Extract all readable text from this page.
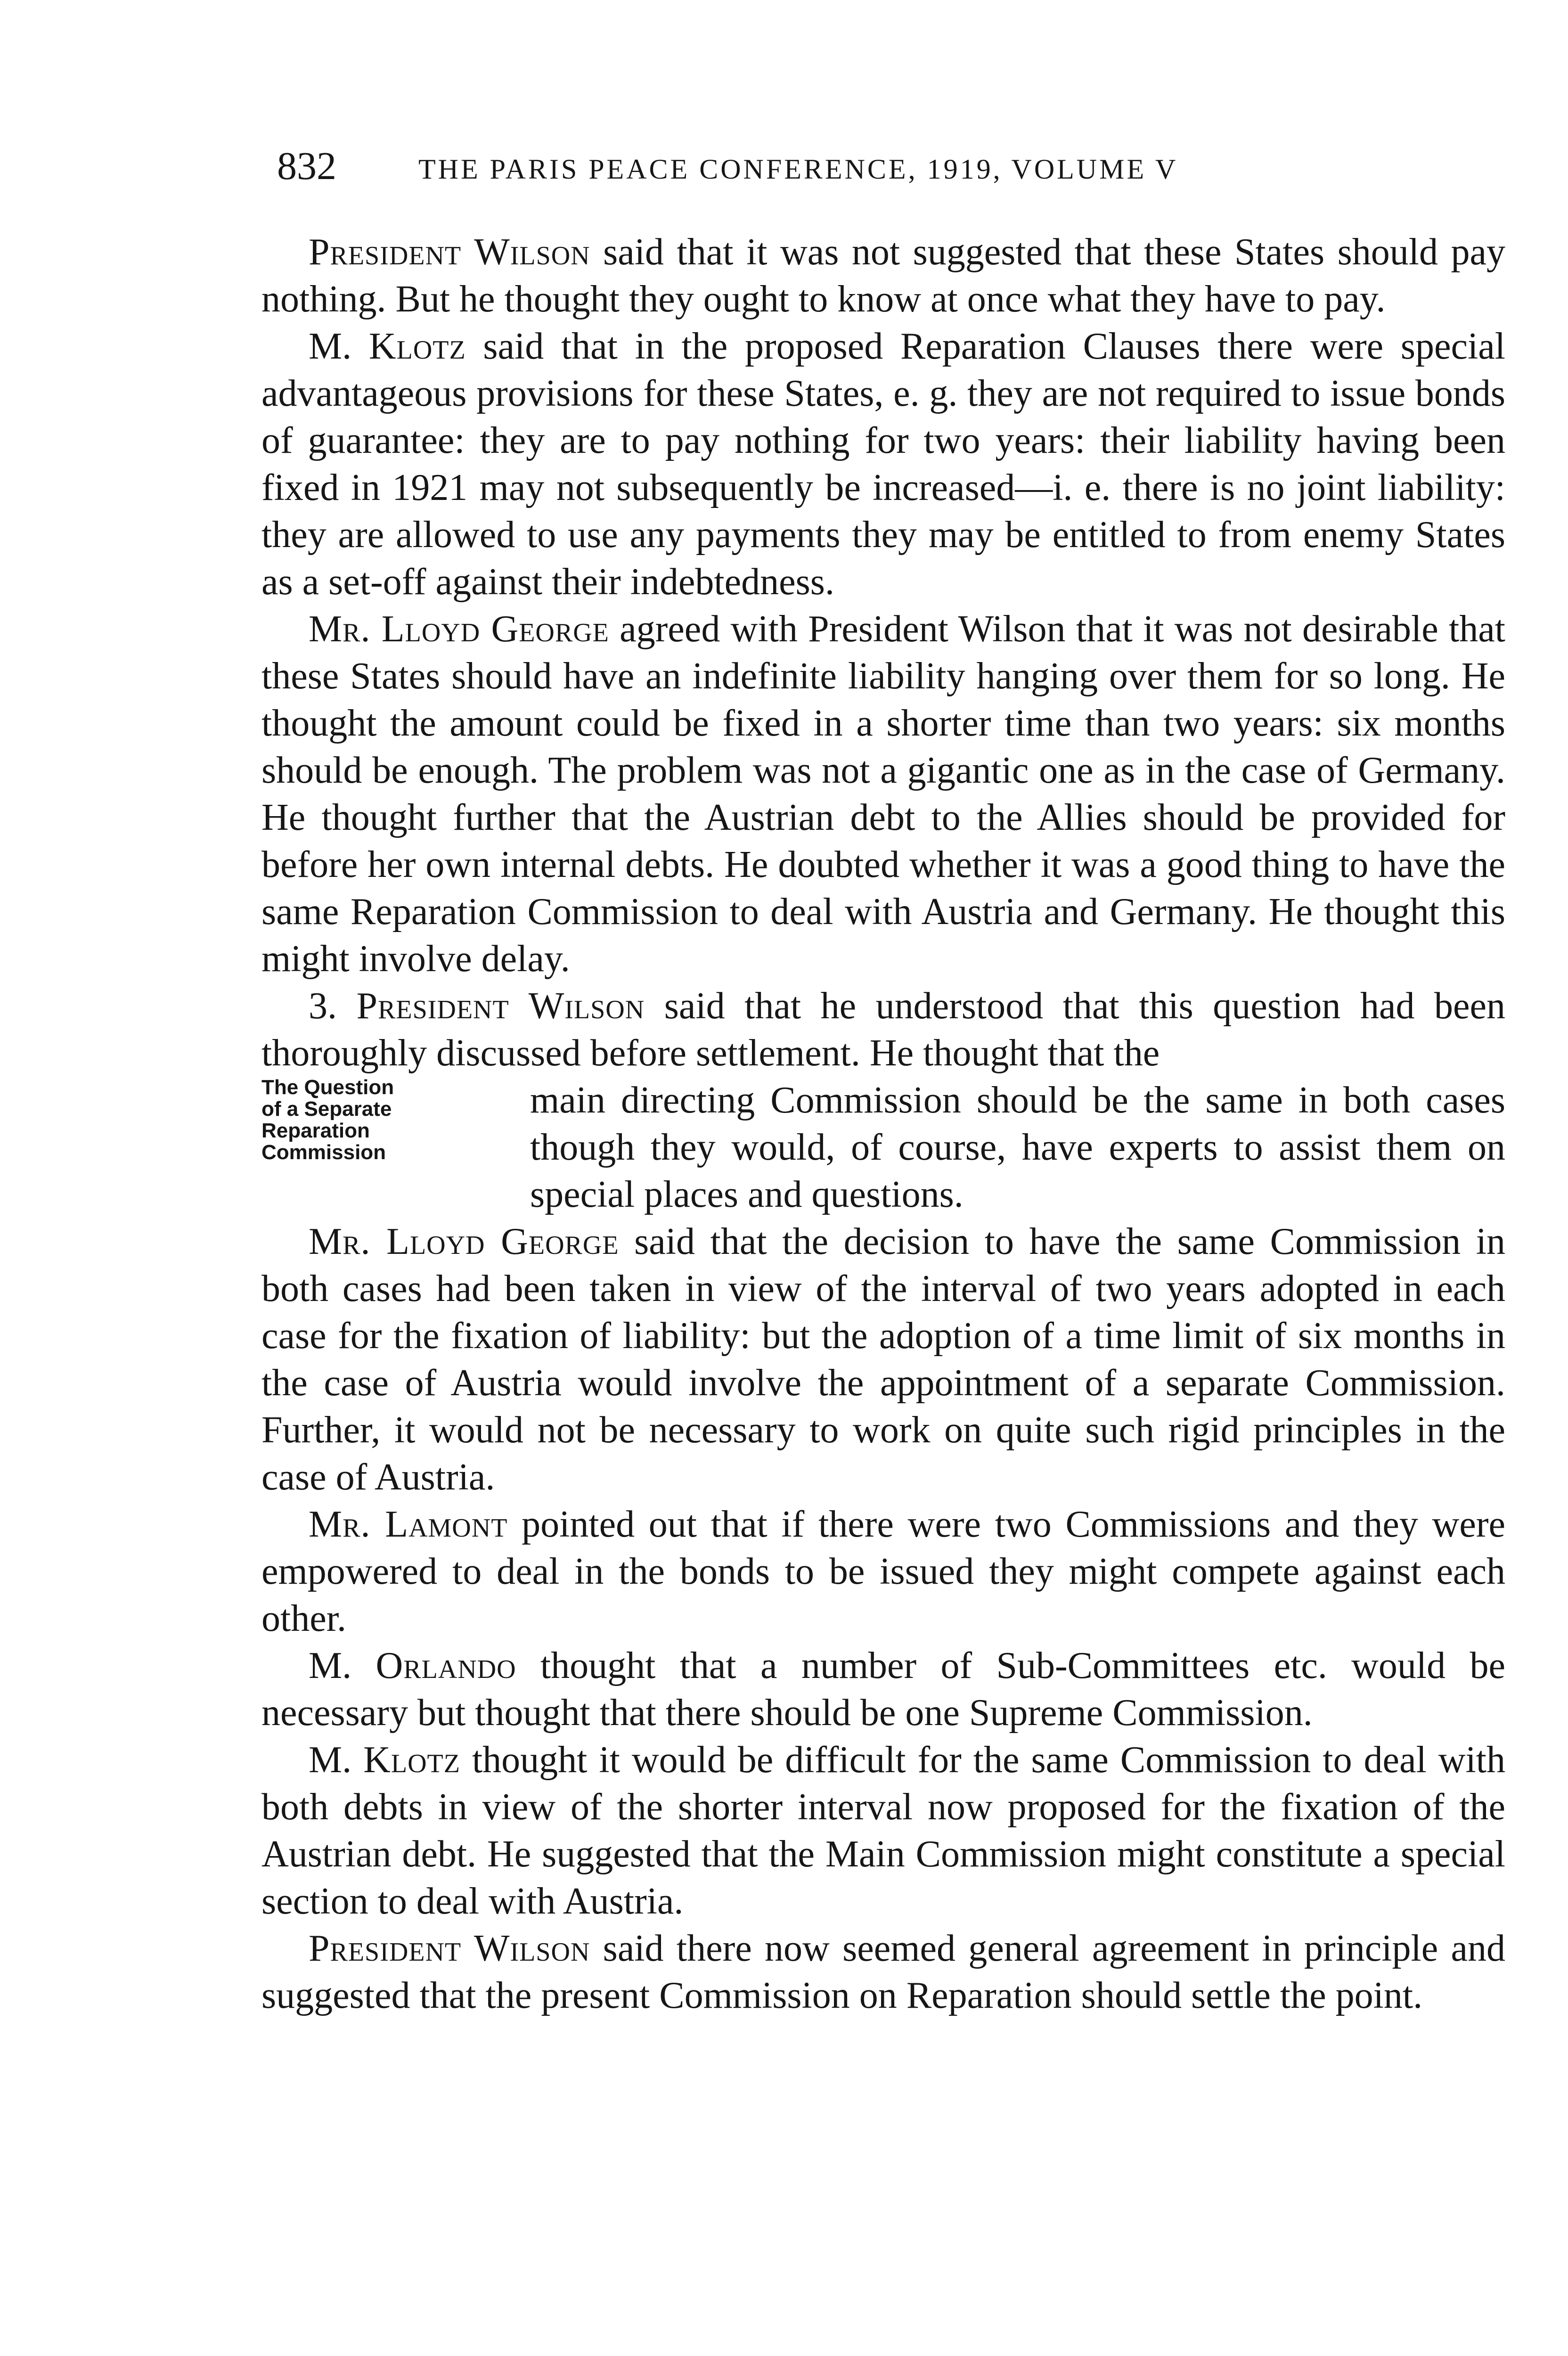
832	THE PARIS PEACE CONFERENCE, 1919, VOLUME V

President Wilson said that it was not suggested that these States should pay nothing. But he thought they ought to know at once what they have to pay.

M. Klotz said that in the proposed Reparation Clauses there were special advantageous provisions for these States, e. g. they are not required to issue bonds of guarantee: they are to pay nothing for two years: their liability having been fixed in 1921 may not subsequently be increased—i. e. there is no joint liability: they are allowed to use any payments they may be entitled to from enemy States as a set-off against their indebtedness.

Mr. Lloyd George agreed with President Wilson that it was not desirable that these States should have an indefinite liability hanging over them for so long. He thought the amount could be fixed in a shorter time than two years: six months should be enough. The problem was not a gigantic one as in the case of Germany. He thought further that the Austrian debt to the Allies should be provided for before her own internal debts. He doubted whether it was a good thing to have the same Reparation Commission to deal with Austria and Germany. He thought this might involve delay.

3. President Wilson said that he understood that this question had been thoroughly discussed before settlement. He thought that the

main directing Commission should be the same in both cases though they would, of course, have experts to assist them on special places and questions.

The Question
of a Separate
Reparation
Commission

Mr. Lloyd George said that the decision to have the same Commission in both cases had been taken in view of the interval of two years adopted in each case for the fixation of liability: but the adoption of a time limit of six months in the case of Austria would involve the appointment of a separate Commission. Further, it would not be necessary to work on quite such rigid principles in the case of Austria.

Mr. Lamont pointed out that if there were two Commissions and they were empowered to deal in the bonds to be issued they might compete against each other.

M. Orlando thought that a number of Sub-Committees etc. would be necessary but thought that there should be one Supreme Commission.

M. Klotz thought it would be difficult for the same Commission to deal with both debts in view of the shorter interval now proposed for the fixation of the Austrian debt. He suggested that the Main Commission might constitute a special section to deal with Austria.

President Wilson said there now seemed general agreement in principle and suggested that the present Commission on Reparation should settle the point.
